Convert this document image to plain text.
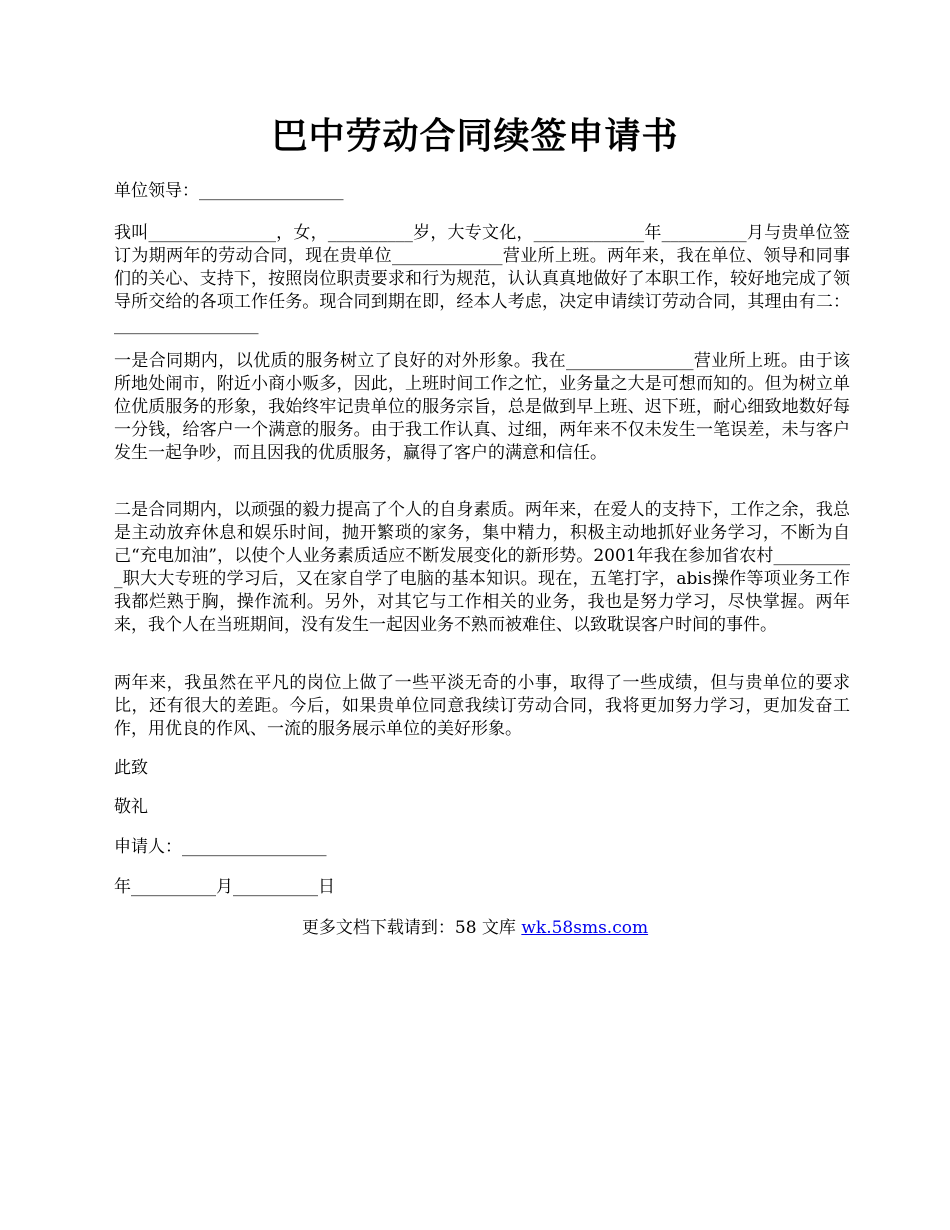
巴中劳动合同续签申请书
单位领导：_________________
我叫_______________，女，__________岁，大专文化，_____________年__________月与贵单位签订为期两年的劳动合同，现在贵单位_____________营业所上班。两年来，我在单位、领导和同事们的关心、支持下，按照岗位职责要求和行为规范，认认真真地做好了本职工作，较好地完成了领导所交给的各项工作任务。现合同到期在即，经本人考虑，决定申请续订劳动合同，其理由有二：_________________
一是合同期内，以优质的服务树立了良好的对外形象。我在_______________营业所上班。由于该所地处闹市，附近小商小贩多，因此，上班时间工作之忙，业务量之大是可想而知的。但为树立单位优质服务的形象，我始终牢记贵单位的服务宗旨，总是做到早上班、迟下班，耐心细致地数好每一分钱，给客户一个满意的服务。由于我工作认真、过细，两年来不仅未发生一笔误差，未与客户发生一起争吵，而且因我的优质服务，赢得了客户的满意和信任。
二是合同期内，以顽强的毅力提高了个人的自身素质。两年来，在爱人的支持下，工作之余，我总是主动放弃休息和娱乐时间，抛开繁琐的家务，集中精力，积极主动地抓好业务学习，不断为自己“充电加油”，以使个人业务素质适应不断发展变化的新形势。2001年我在参加省农村__________职大大专班的学习后，又在家自学了电脑的基本知识。现在，五笔打字，abis操作等项业务工作我都烂熟于胸，操作流利。另外，对其它与工作相关的业务，我也是努力学习，尽快掌握。两年来，我个人在当班期间，没有发生一起因业务不熟而被难住、以致耽误客户时间的事件。
两年来，我虽然在平凡的岗位上做了一些平淡无奇的小事，取得了一些成绩，但与贵单位的要求比，还有很大的差距。今后，如果贵单位同意我续订劳动合同，我将更加努力学习，更加发奋工作，用优良的作风、一流的服务展示单位的美好形象。
此致
敬礼
申请人：_________________
年__________月__________日
更多文档下载请到：58 文库 wk.58sms.com
